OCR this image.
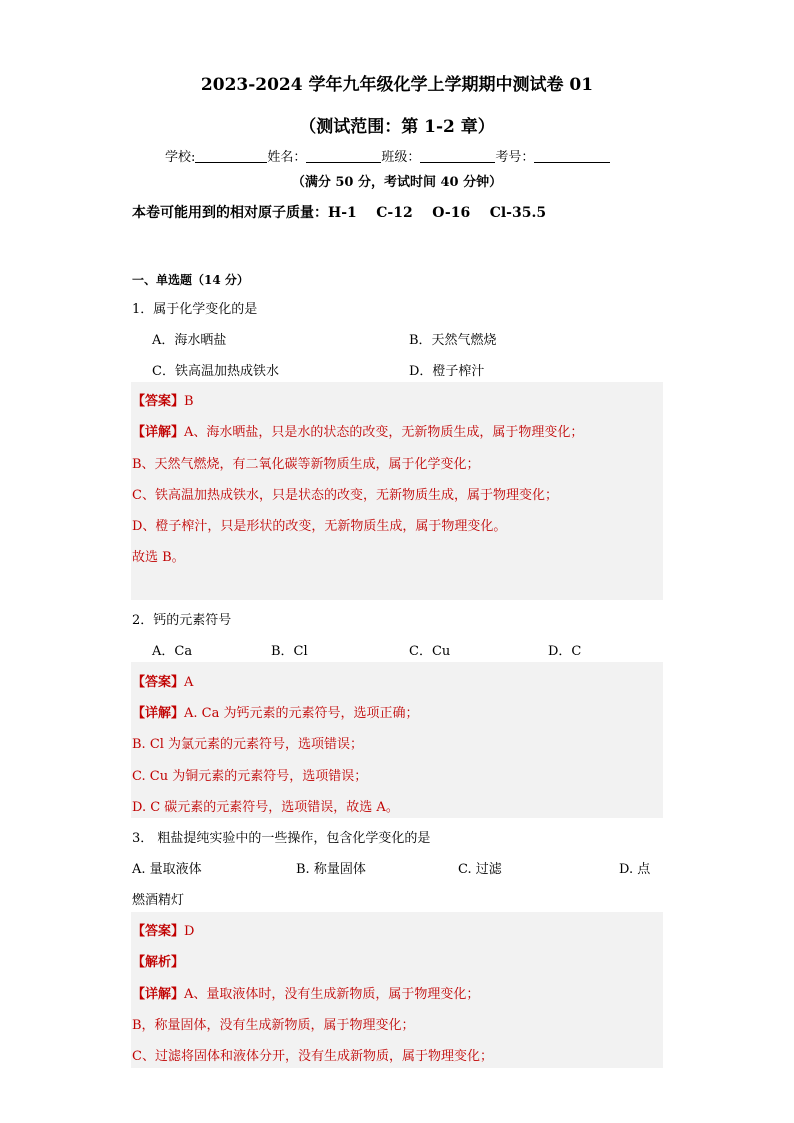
2023-2024 学年九年级化学上学期期中测试卷 01
（测试范围：第 1-2 章）
学校:	姓名：	班级：	考号：
（满分 50 分，考试时间 40 分钟）
本卷可能用到的相对原子质量：H-1    C-12    O-16    Cl-35.5
一、单选题（14 分）
1．属于化学变化的是
A．海水晒盐	B．天然气燃烧
C．铁高温加热成铁水	D．橙子榨汁
【答案】B
【详解】A、海水晒盐，只是水的状态的改变，无新物质生成，属于物理变化；
B、天然气燃烧，有二氧化碳等新物质生成，属于化学变化；
C、铁高温加热成铁水，只是状态的改变，无新物质生成，属于物理变化；
D、橙子榨汁，只是形状的改变，无新物质生成，属于物理变化。
故选 B。
2．钙的元素符号
A．Ca	B．Cl	C．Cu	D．C
【答案】A
【详解】A. Ca 为钙元素的元素符号，选项正确；
B. Cl 为氯元素的元素符号，选项错误；
C. Cu 为铜元素的元素符号，选项错误；
D. C 碳元素的元素符号，选项错误，故选 A。
3． 粗盐提纯实验中的一些操作，包含化学变化的是
A. 量取液体	B. 称量固体	C. 过滤	D. 点
燃酒精灯
【答案】D
【解析】
【详解】A、量取液体时，没有生成新物质，属于物理变化；
B，称量固体，没有生成新物质，属于物理变化；
C、过滤将固体和液体分开，没有生成新物质，属于物理变化；
